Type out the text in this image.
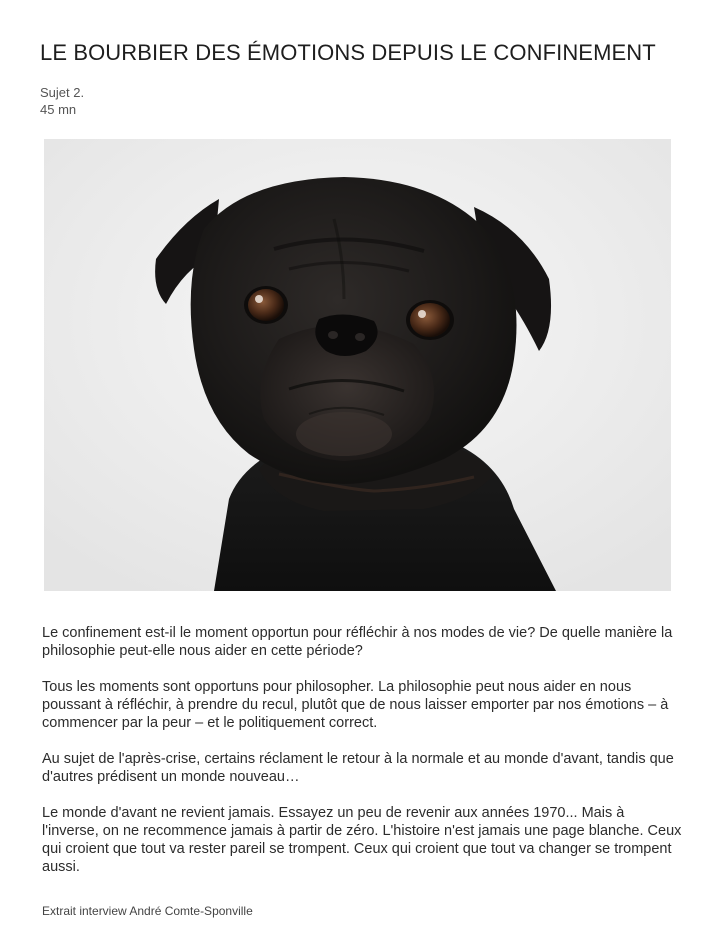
LE BOURBIER DES ÉMOTIONS DEPUIS LE CONFINEMENT
Sujet 2.
45 mn

Le confinement est-il le moment opportun pour réfléchir à nos modes de vie? De quelle manière la philosophie peut-elle nous aider en cette période?

Tous les moments sont opportuns pour philosopher. La philosophie peut nous aider en nous poussant à réfléchir, à prendre du recul, plutôt que de nous laisser emporter par nos émotions – à commencer par la peur – et le politiquement correct.

Au sujet de l'après-crise, certains réclament le retour à la normale et au monde d'avant, tandis que d'autres prédisent un monde nouveau…

Le monde d'avant ne revient jamais. Essayez un peu de revenir aux années 1970... Mais à l'inverse, on ne recommence jamais à partir de zéro. L'histoire n'est jamais une page blanche. Ceux qui croient que tout va rester pareil se trompent. Ceux qui croient que tout va changer se trompent aussi.

Extrait interview André Comte-Sponville
